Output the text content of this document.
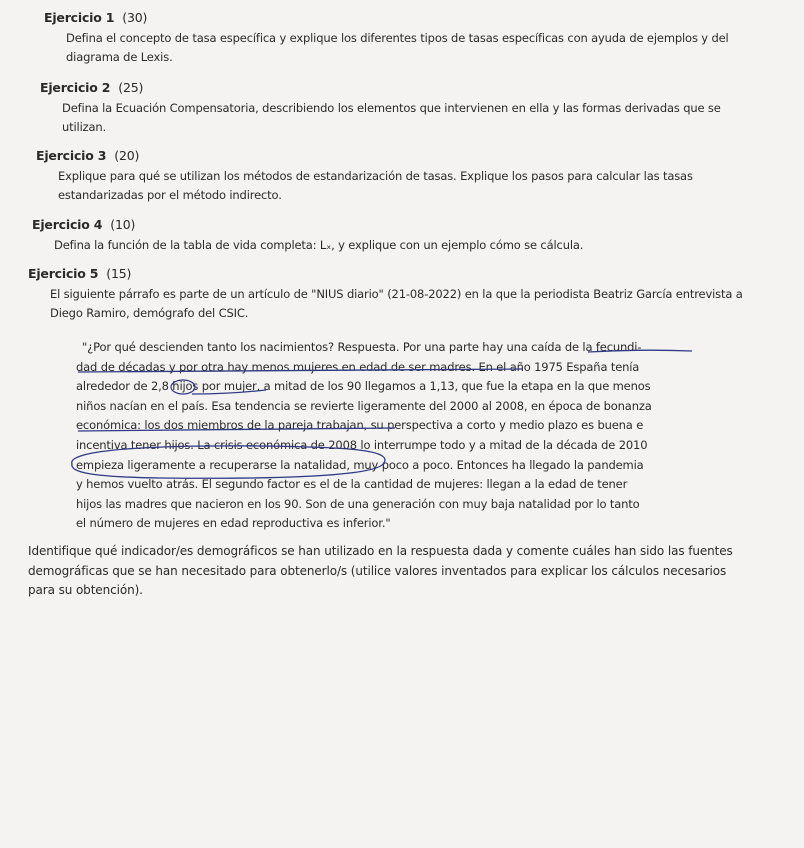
Ejercicio 1 (30)
Defina el concepto de tasa específica y explique los diferentes tipos de tasas específicas con ayuda de ejemplos y del diagrama de Lexis.
Ejercicio 2 (25)
Defina la Ecuación Compensatoria, describiendo los elementos que intervienen en ella y las formas derivadas que se utilizan.
Ejercicio 3 (20)
Explique para qué se utilizan los métodos de estandarización de tasas. Explique los pasos para calcular las tasas estandarizadas por el método indirecto.
Ejercicio 4 (10)
Defina la función de la tabla de vida completa: Lₓ, y explique con un ejemplo cómo se cálcula.
Ejercicio 5 (15)
El siguiente párrafo es parte de un artículo de "NIUS diario" (21-08-2022) en la que la periodista Beatriz García entrevista a Diego Ramiro, demógrafo del CSIC.
"¿Por qué descienden tanto los nacimientos? Respuesta. Por una parte hay una caída de la fecundi-
dad de décadas y por otra hay menos mujeres en edad de ser madres. En el año 1975 España tenía
alrededor de 2,8 hijos por mujer, a mitad de los 90 llegamos a 1,13, que fue la etapa en la que menos
niños nacían en el país. Esa tendencia se revierte ligeramente del 2000 al 2008, en época de bonanza
económica: los dos miembros de la pareja trabajan, su perspectiva a corto y medio plazo es buena e
incentiva tener hijos. La crisis económica de 2008 lo interrumpe todo y a mitad de la década de 2010
empieza ligeramente a recuperarse la natalidad, muy poco a poco. Entonces ha llegado la pandemia
y hemos vuelto atrás. El segundo factor es el de la cantidad de mujeres: llegan a la edad de tener
hijos las madres que nacieron en los 90. Son de una generación con muy baja natalidad por lo tanto
el número de mujeres en edad reproductiva es inferior."
Identifique qué indicador/es demográficos se han utilizado en la respuesta dada y comente cuáles han sido las fuentes demográficas que se han necesitado para obtenerlo/s (utilice valores inventados para explicar los cálculos necesarios para su obtención).
